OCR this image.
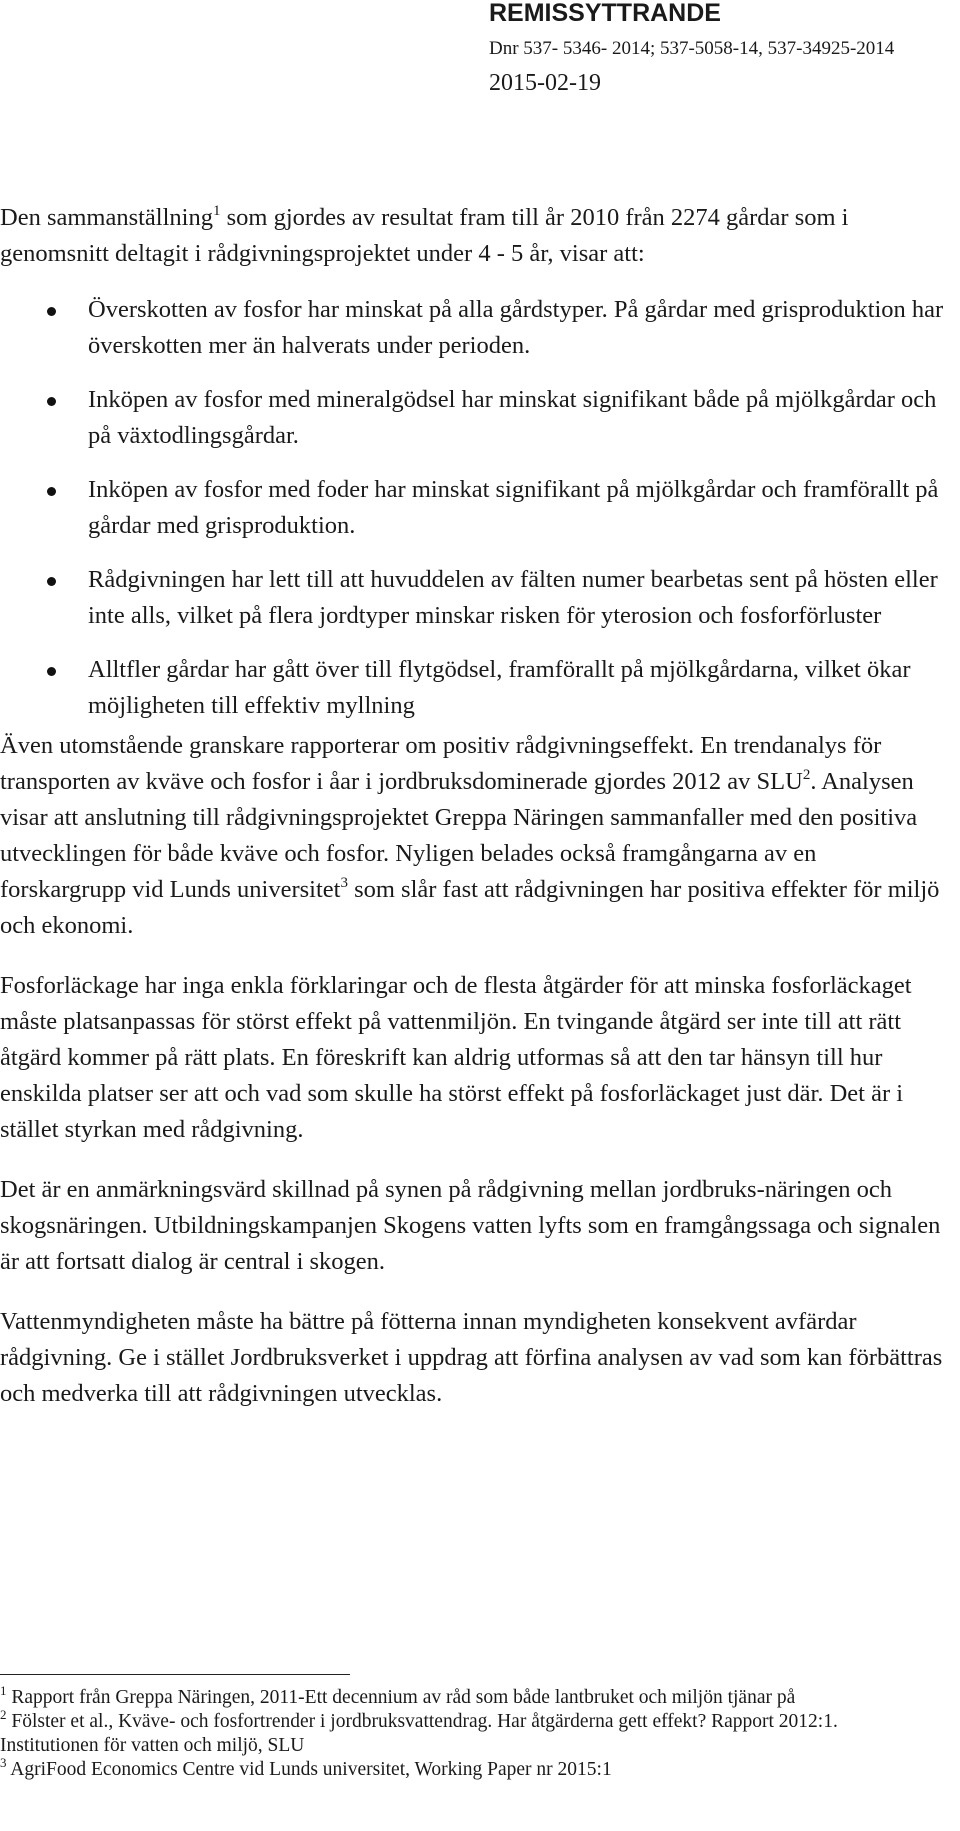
REMISSYTTRANDE
Dnr 537- 5346- 2014; 537-5058-14, 537-34925-2014
2015-02-19

Den sammanställning$^1$ som gjordes av resultat fram till år 2010 från 2274 gårdar som i genomsnitt deltagit i rådgivningsprojektet under 4 - 5 år, visar att:

Överskotten av fosfor har minskat på alla gårdstyper. På gårdar med grisproduktion har överskotten mer än halverats under perioden.
Inköpen av fosfor med mineralgödsel har minskat signifikant både på mjölkgårdar och på växtodlingsgårdar.
Inköpen av fosfor med foder har minskat signifikant på mjölkgårdar och framförallt på gårdar med grisproduktion.
Rådgivningen har lett till att huvuddelen av fälten numer bearbetas sent på hösten eller inte alls, vilket på flera jordtyper minskar risken för yterosion och fosforförluster
Alltfler gårdar har gått över till flytgödsel, framförallt på mjölkgårdarna, vilket ökar möjligheten till effektiv myllning

Även utomstående granskare rapporterar om positiv rådgivningseffekt. En trendanalys för transporten av kväve och fosfor i åar i jordbruksdominerade gjordes 2012 av SLU$^2$. Analysen visar att anslutning till rådgivningsprojektet Greppa Näringen sammanfaller med den positiva utvecklingen för både kväve och fosfor. Nyligen belades också framgångarna av en forskargrupp vid Lunds universitet$^3$ som slår fast att rådgivningen har positiva effekter för miljö och ekonomi.

Fosforläckage har inga enkla förklaringar och de flesta åtgärder för att minska fosforläckaget måste platsanpassas för störst effekt på vattenmiljön. En tvingande åtgärd ser inte till att rätt åtgärd kommer på rätt plats. En föreskrift kan aldrig utformas så att den tar hänsyn till hur enskilda platser ser att och vad som skulle ha störst effekt på fosforläckaget just där. Det är i stället styrkan med rådgivning.

Det är en anmärkningsvärd skillnad på synen på rådgivning mellan jordbruks-näringen och skogsnäringen. Utbildningskampanjen Skogens vatten lyfts som en framgångssaga och signalen är att fortsatt dialog är central i skogen.

Vattenmyndigheten måste ha bättre på fötterna innan myndigheten konsekvent avfärdar rådgivning. Ge i stället Jordbruksverket i uppdrag att förfina analysen av vad som kan förbättras och medverka till att rådgivningen utvecklas.

$^1$ Rapport från Greppa Näringen, 2011-Ett decennium av råd som både lantbruket och miljön tjänar på

$^2$ Fölster et al., Kväve- och fosfortrender i jordbruksvattendrag. Har åtgärderna gett effekt? Rapport 2012:1. Institutionen för vatten och miljö, SLU

$^3$ AgriFood Economics Centre vid Lunds universitet, Working Paper nr 2015:1
